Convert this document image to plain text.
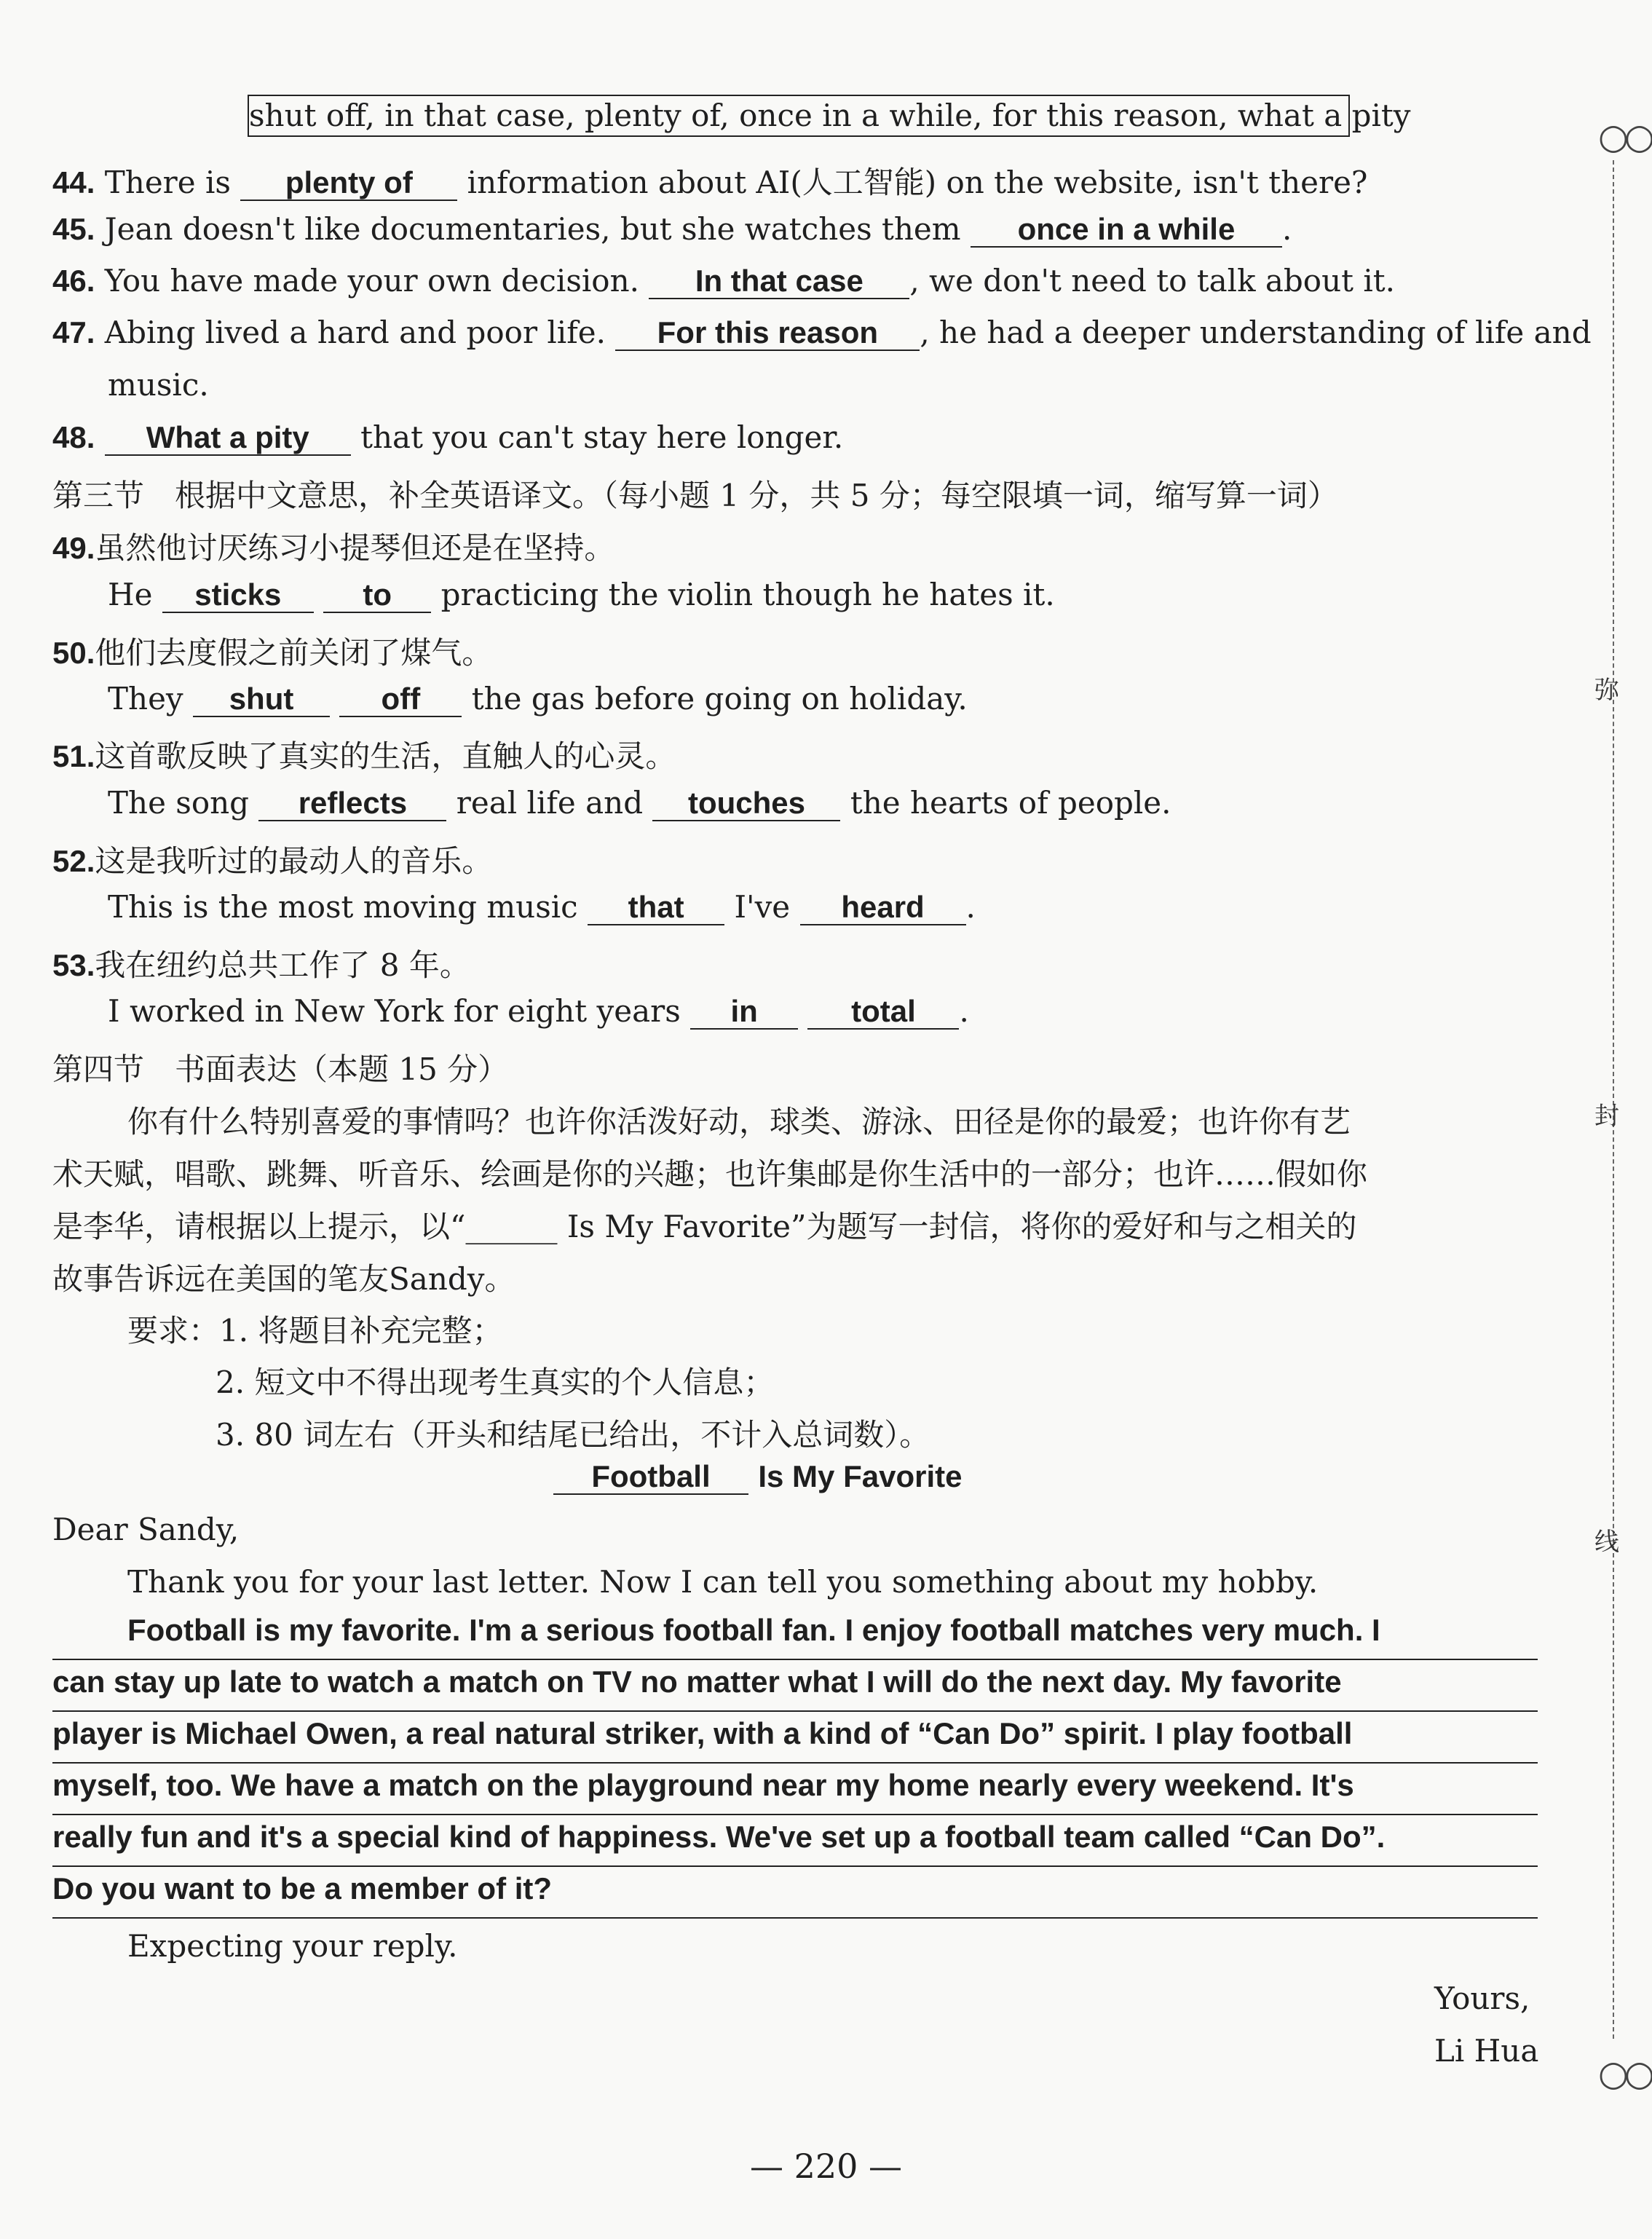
shut off, in that case, plenty of, once in a while, for this reason, what a pity
44. There is plenty of information about AI(人工智能) on the website, isn't there?
45. Jean doesn't like documentaries, but she watches them once in a while .
46. You have made your own decision. In that case , we don't need to talk about it.
47. Abing lived a hard and poor life. For this reason , he had a deeper understanding of life and
music.
48. What a pity that you can't stay here longer.
第三节　根据中文意思，补全英语译文。（每小题 1 分，共 5 分；每空限填一词，缩写算一词）
49.虽然他讨厌练习小提琴但还是在坚持。
He sticks	to practicing the violin though he hates it.
50.他们去度假之前关闭了煤气。
They shut	off the gas before going on holiday.
51.这首歌反映了真实的生活，直触人的心灵。
The song reflects real life and touches the hearts of people.
52.这是我听过的最动人的音乐。
This is the most moving music that I've heard .
53.我在纽约总共工作了 8 年。
I worked in New York for eight years in	total .
第四节　书面表达（本题 15 分）
你有什么特别喜爱的事情吗？也许你活泼好动，球类、游泳、田径是你的最爱；也许你有艺
术天赋，唱歌、跳舞、听音乐、绘画是你的兴趣；也许集邮是你生活中的一部分；也许……假如你
是李华，请根据以上提示，以“______ Is My Favorite”为题写一封信，将你的爱好和与之相关的
故事告诉远在美国的笔友Sandy。
要求：1. 将题目补充完整；
2. 短文中不得出现考生真实的个人信息；
3. 80 词左右（开头和结尾已给出，不计入总词数）。
Football Is My Favorite
Dear Sandy,
Thank you for your last letter. Now I can tell you something about my hobby.
Football is my favorite. I'm a serious football fan. I enjoy football matches very much. I
can stay up late to watch a match on TV no matter what I will do the next day. My favorite
player is Michael Owen, a real natural striker, with a kind of “Can Do” spirit. I play football
myself, too. We have a match on the playground near my home nearly every weekend. It's
really fun and it's a special kind of happiness. We've set up a football team called “Can Do”.
Do you want to be a member of it?
Expecting your reply.
Yours,
Li Hua
— 220 —
○○
○○
弥
封
线
